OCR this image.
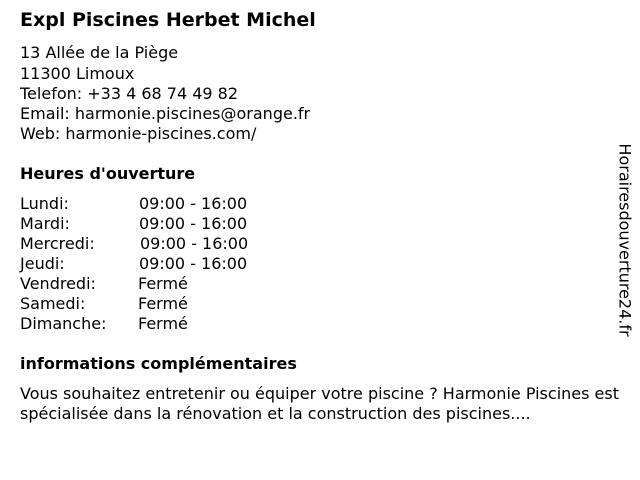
Expl Piscines Herbet Michel
13 Allée de la Piège
11300 Limoux
Telefon: +33 4 68 74 49 82
Email: harmonie.piscines@orange.fr
Web: harmonie-piscines.com/
Heures d'ouverture
Lundi:	09:00 - 16:00
Mardi:	09:00 - 16:00
Mercredi:	09:00 - 16:00
Jeudi:	09:00 - 16:00
Vendredi:	Fermé
Samedi:	Fermé
Dimanche: Fermé
informations complémentaires
Vous souhaitez entretenir ou équiper votre piscine ? Harmonie Piscines est spécialisée dans la rénovation et la construction des piscines....
Horairesdouverture24.fr
